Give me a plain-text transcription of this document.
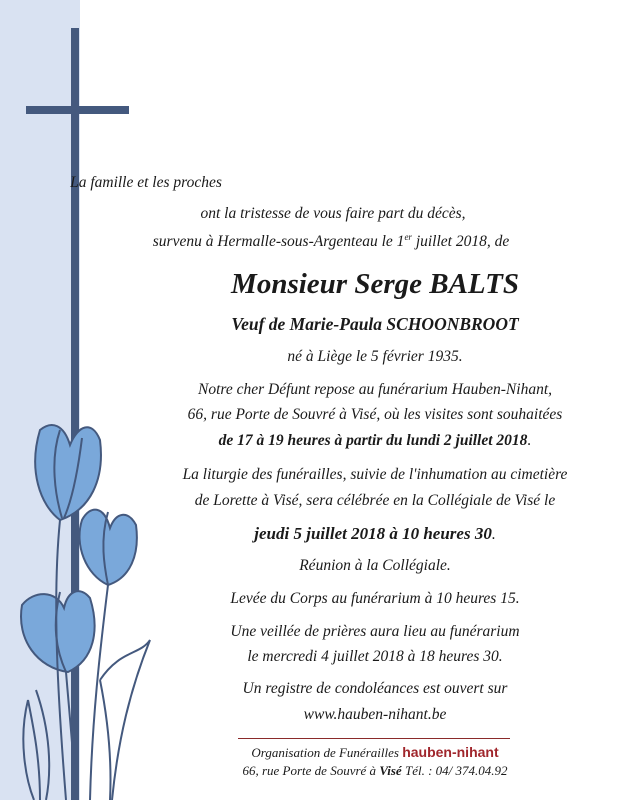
La famille et les proches
ont la tristesse de vous faire part du décès,
survenu à Hermalle-sous-Argenteau le 1er juillet 2018, de
Monsieur Serge BALTS
Veuf de Marie-Paula SCHOONBROOT
né à Liège le 5 février 1935.
Notre cher Défunt repose au funérarium Hauben-Nihant,
66, rue Porte de Souvré à Visé, où les visites sont souhaitées
de 17 à 19 heures à partir du lundi 2 juillet 2018.
La liturgie des funérailles, suivie de l'inhumation au cimetière
de Lorette à Visé, sera célébrée en la Collégiale de Visé le
jeudi 5 juillet 2018 à 10 heures 30.
Réunion à la Collégiale.
Levée du Corps au funérarium à 10 heures 15.
Une veillée de prières aura lieu au funérarium
le mercredi 4 juillet 2018 à 18 heures 30.
Un registre de condoléances est ouvert sur
www.hauben-nihant.be
Organisation de Funérailles hauben-nihant
66, rue Porte de Souvré à Visé Tél. : 04/ 374.04.92
